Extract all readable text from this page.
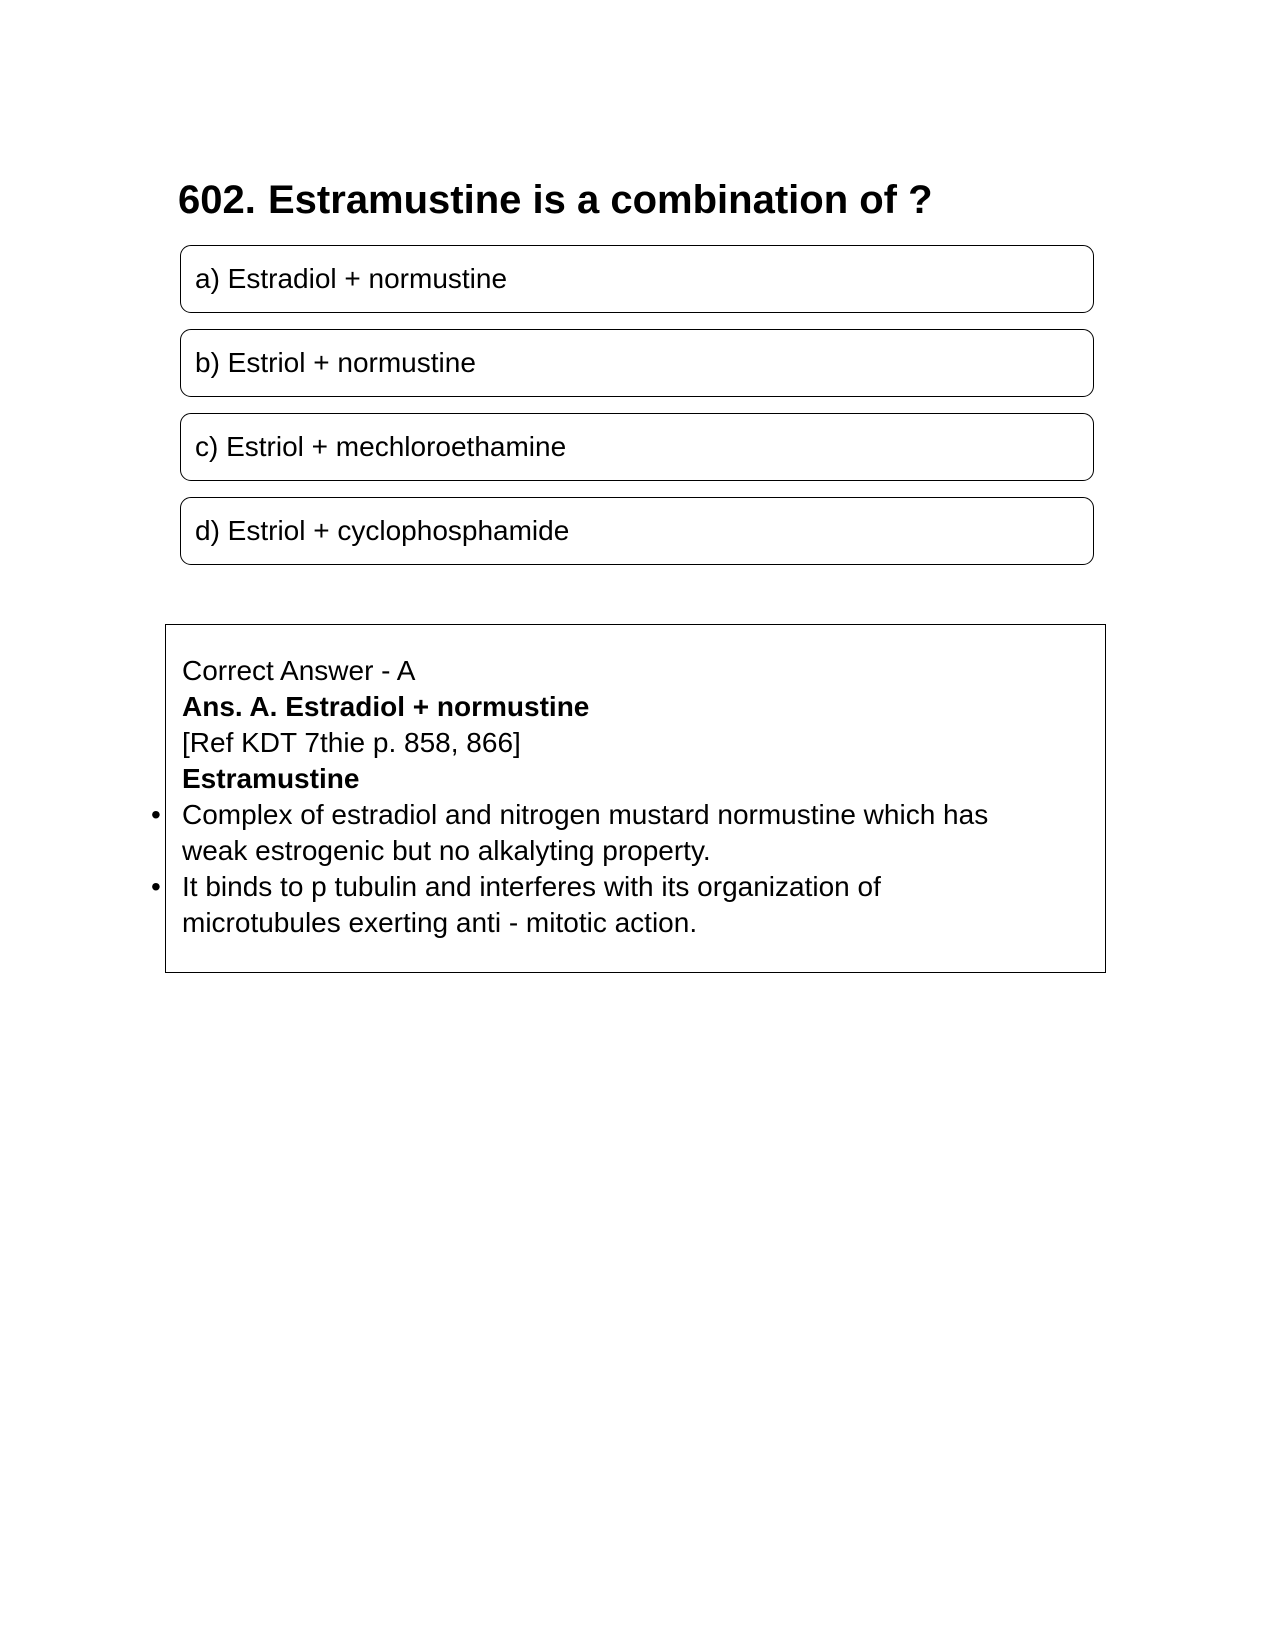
602. Estramustine is a combination of ?
a) Estradiol + normustine
b) Estriol + normustine
c) Estriol + mechloroethamine
d) Estriol + cyclophosphamide
Correct Answer - A
Ans. A. Estradiol + normustine
[Ref KDT 7thie p. 858, 866]
Estramustine
• Complex of estradiol and nitrogen mustard normustine which has
weak estrogenic but no alkalyting property.
• It binds to p tubulin and interferes with its organization of
microtubules exerting anti - mitotic action.
